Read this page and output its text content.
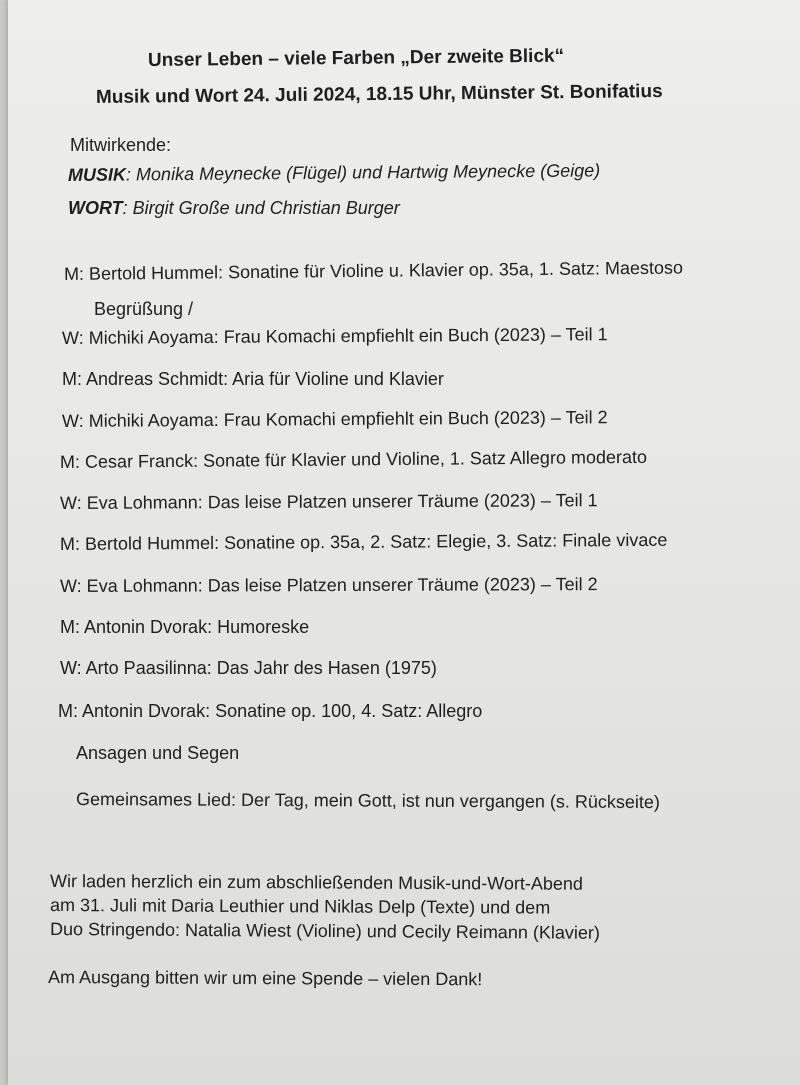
Unser Leben – viele Farben „Der zweite Blick“
Musik und Wort 24. Juli 2024, 18.15 Uhr, Münster St. Bonifatius
Mitwirkende:
MUSIK: Monika Meynecke (Flügel) und Hartwig Meynecke (Geige)
WORT: Birgit Große und Christian Burger
M: Bertold Hummel: Sonatine für Violine u. Klavier op. 35a, 1. Satz: Maestoso
Begrüßung /
W: Michiki Aoyama: Frau Komachi empfiehlt ein Buch (2023) – Teil 1
M: Andreas Schmidt: Aria für Violine und Klavier
W: Michiki Aoyama: Frau Komachi empfiehlt ein Buch (2023) – Teil 2
M: Cesar Franck: Sonate für Klavier und Violine, 1. Satz Allegro moderato
W: Eva Lohmann: Das leise Platzen unserer Träume (2023) – Teil 1
M: Bertold Hummel: Sonatine op. 35a, 2. Satz: Elegie, 3. Satz: Finale vivace
W: Eva Lohmann: Das leise Platzen unserer Träume (2023) – Teil 2
M: Antonin Dvorak: Humoreske
W: Arto Paasilinna: Das Jahr des Hasen (1975)
M: Antonin Dvorak: Sonatine op. 100, 4. Satz: Allegro
Ansagen und Segen
Gemeinsames Lied: Der Tag, mein Gott, ist nun vergangen (s. Rückseite)
Wir laden herzlich ein zum abschließenden Musik-und-Wort-Abend
am 31. Juli mit Daria Leuthier und Niklas Delp (Texte) und dem
Duo Stringendo: Natalia Wiest (Violine) und Cecily Reimann (Klavier)
Am Ausgang bitten wir um eine Spende – vielen Dank!
